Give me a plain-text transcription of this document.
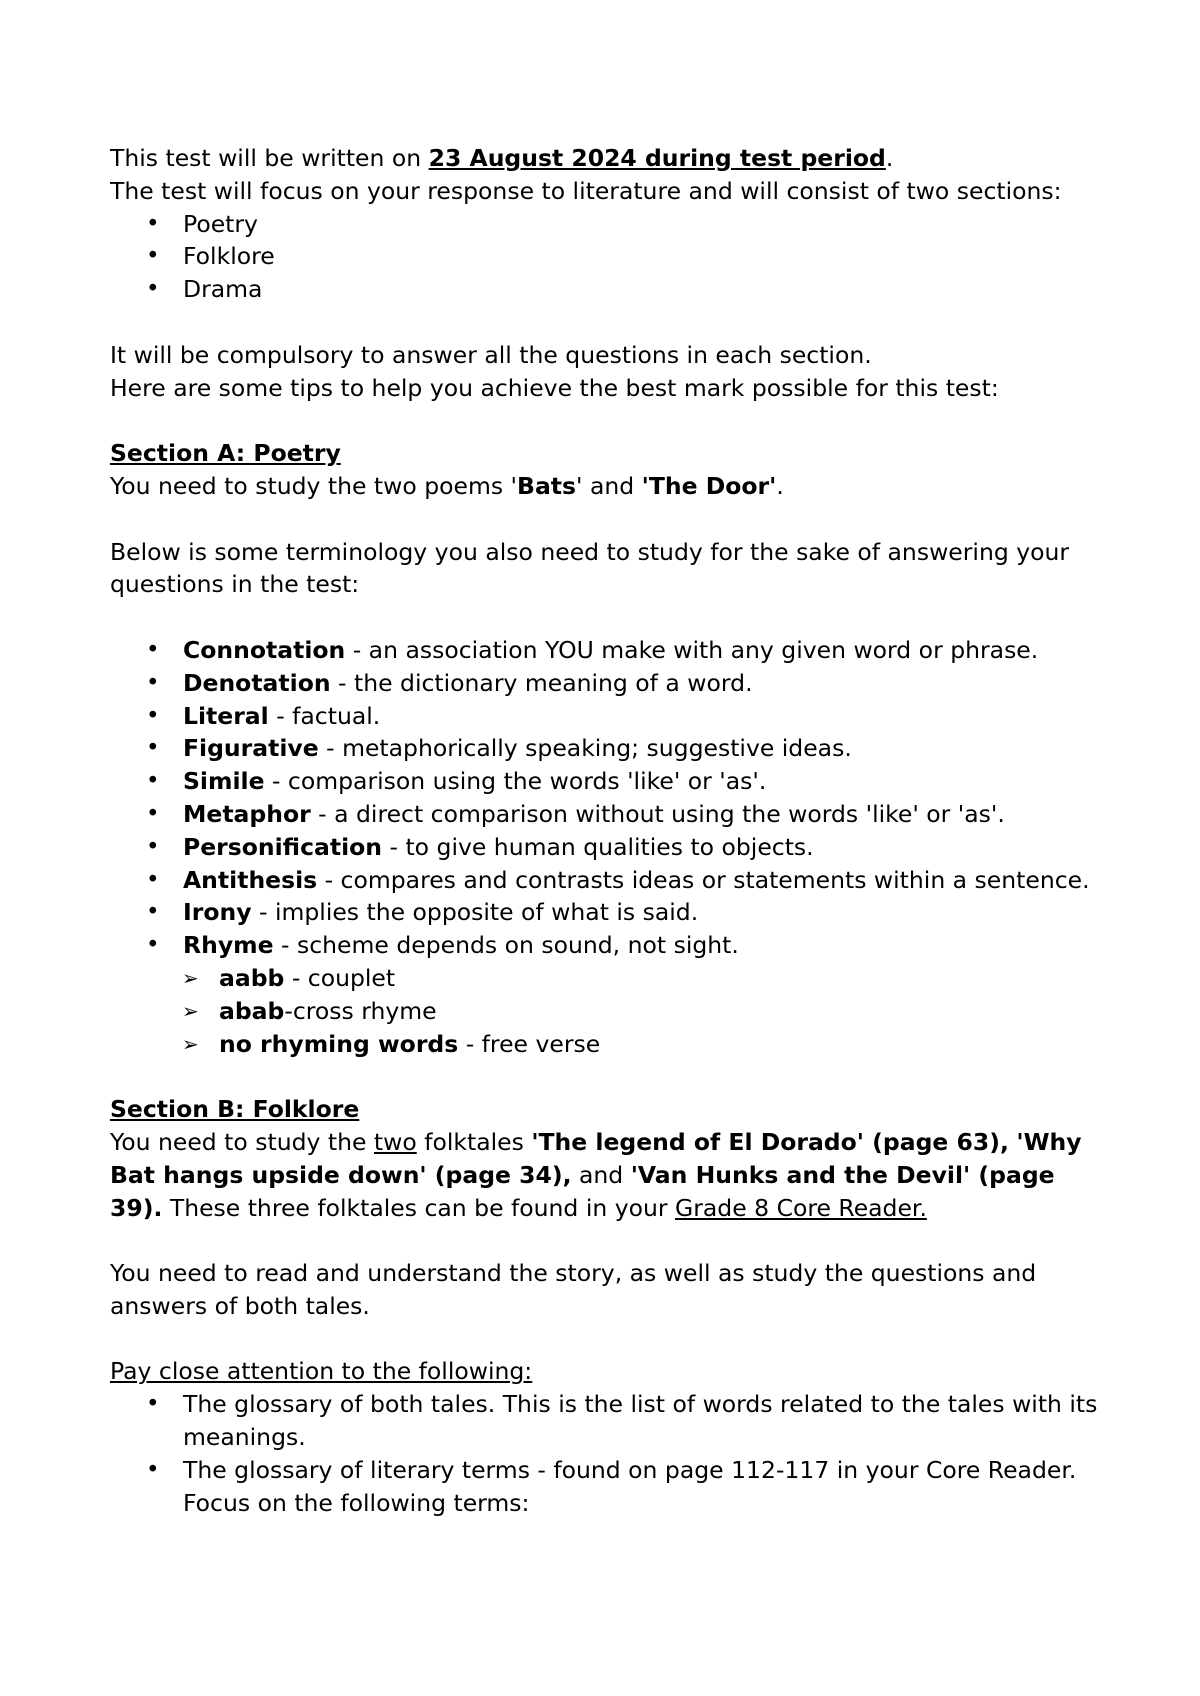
This test will be written on 23 August 2024 during test period.

The test will focus on your response to literature and will consist of two sections:

• Poetry
• Folklore
• Drama

It will be compulsory to answer all the questions in each section.

Here are some tips to help you achieve the best mark possible for this test:

Section A: Poetry

You need to study the two poems 'Bats' and 'The Door'.

Below is some terminology you also need to study for the sake of answering your questions in the test:

• Connotation - an association YOU make with any given word or phrase.
• Denotation - the dictionary meaning of a word.
• Literal - factual.
• Figurative - metaphorically speaking; suggestive ideas.
• Simile - comparison using the words 'like' or 'as'.
• Metaphor - a direct comparison without using the words 'like' or 'as'.
• Personification - to give human qualities to objects.
• Antithesis - compares and contrasts ideas or statements within a sentence.
• Irony - implies the opposite of what is said.
• Rhyme - scheme depends on sound, not sight.
➢ aabb - couplet
➢ abab-cross rhyme
➢ no rhyming words - free verse

Section B: Folklore

You need to study the two folktales 'The legend of El Dorado' (page 63), 'Why Bat hangs upside down' (page 34), and 'Van Hunks and the Devil' (page 39). These three folktales can be found in your Grade 8 Core Reader.

You need to read and understand the story, as well as study the questions and answers of both tales.

Pay close attention to the following:

• The glossary of both tales. This is the list of words related to the tales with its meanings.
• The glossary of literary terms - found on page 112-117 in your Core Reader. Focus on the following terms:
